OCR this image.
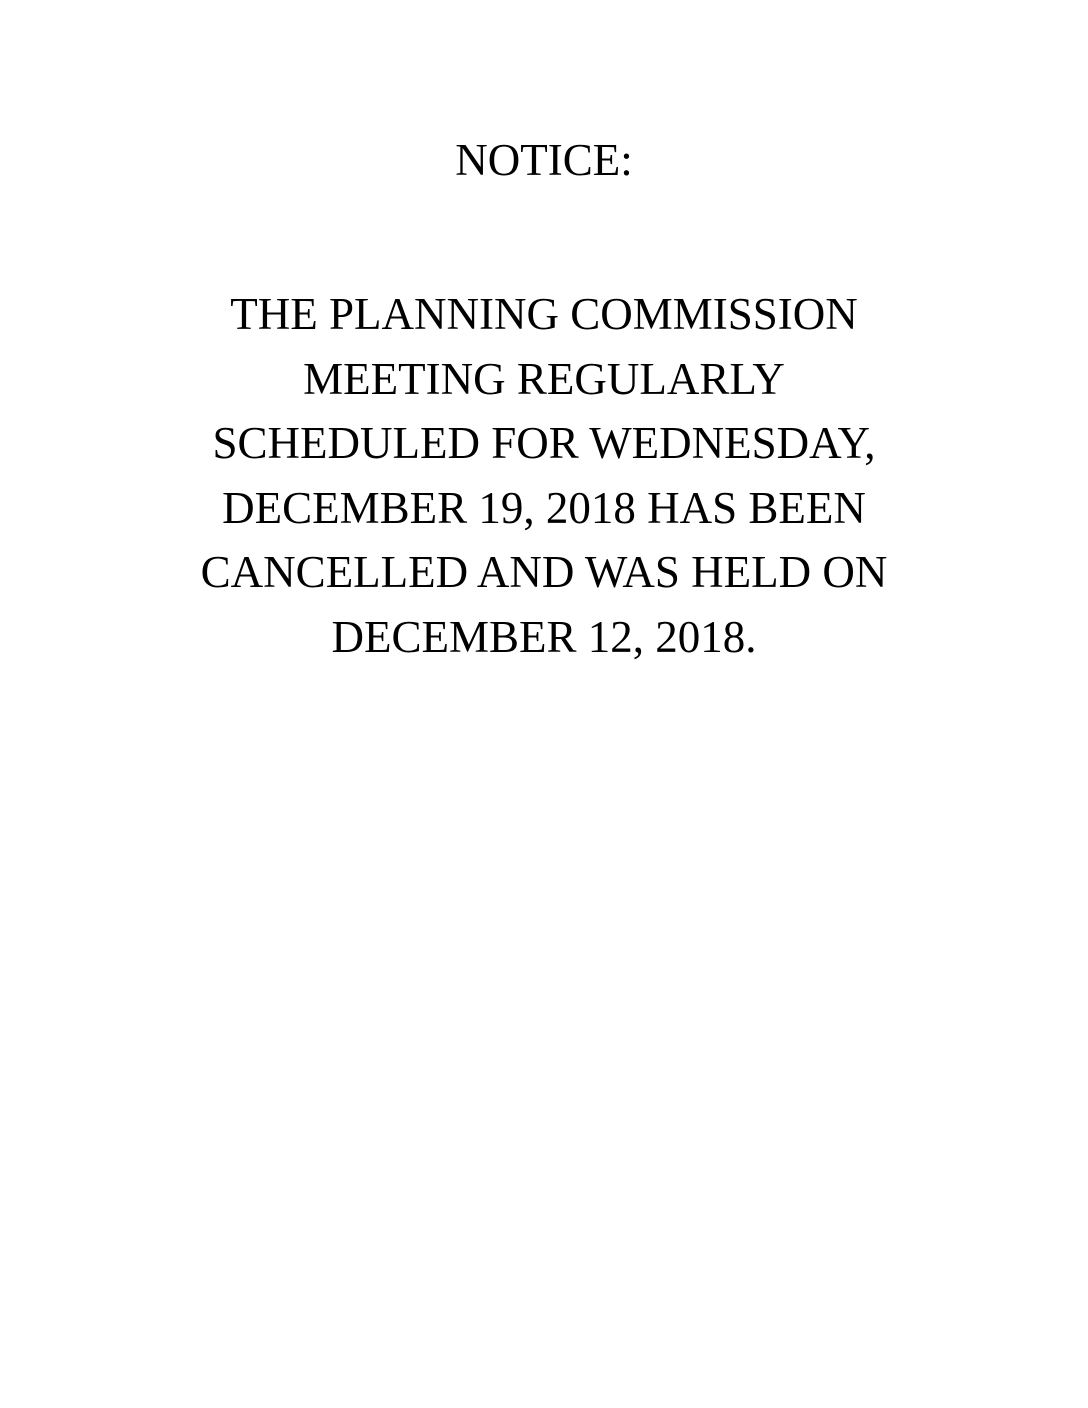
NOTICE:
THE PLANNING COMMISSION
MEETING REGULARLY
SCHEDULED FOR WEDNESDAY,
DECEMBER 19, 2018 HAS BEEN
CANCELLED AND WAS HELD ON
DECEMBER 12, 2018.
